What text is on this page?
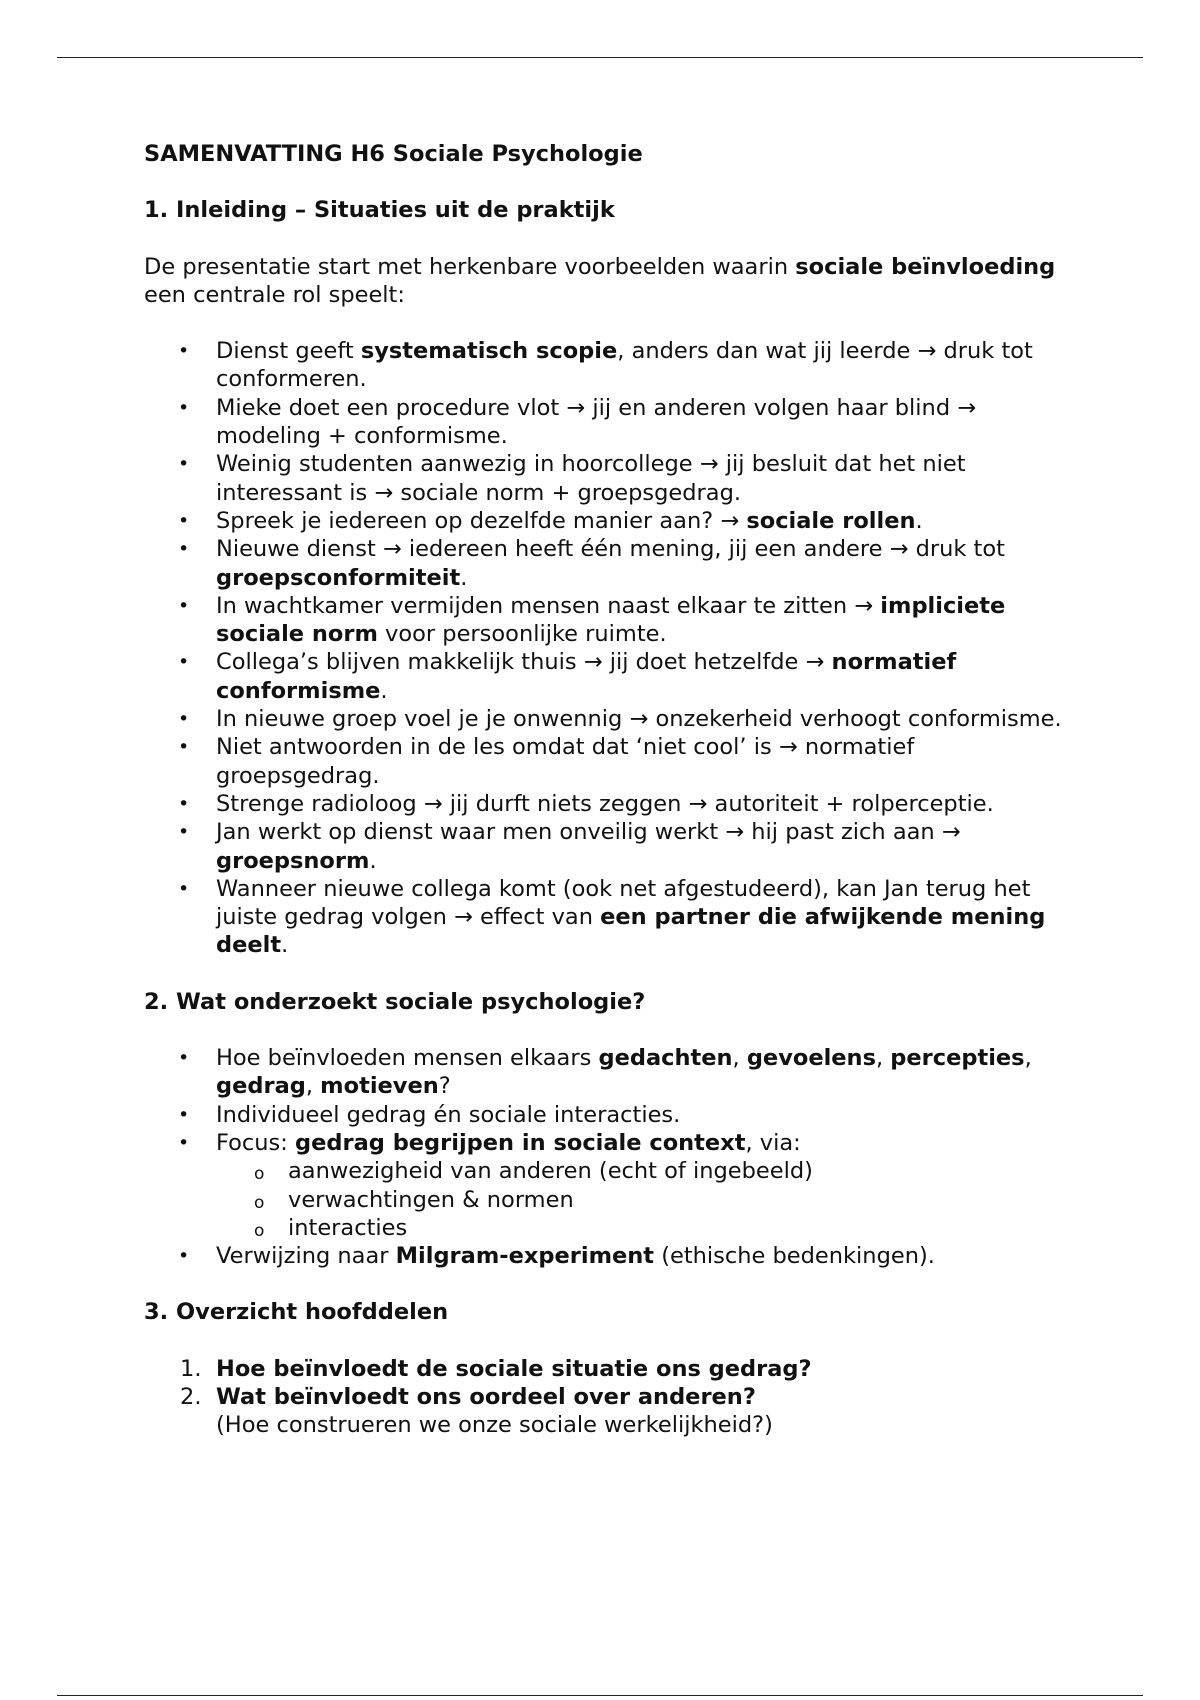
SAMENVATTING H6 Sociale Psychologie

1. Inleiding – Situaties uit de praktijk

De presentatie start met herkenbare voorbeelden waarin sociale beïnvloeding een centrale rol speelt:

• Dienst geeft systematisch scopie, anders dan wat jij leerde → druk tot conformeren.
• Mieke doet een procedure vlot → jij en anderen volgen haar blind → modeling + conformisme.
• Weinig studenten aanwezig in hoorcollege → jij besluit dat het niet interessant is → sociale norm + groepsgedrag.
• Spreek je iedereen op dezelfde manier aan? → sociale rollen.
• Nieuwe dienst → iedereen heeft één mening, jij een andere → druk tot groepsconformiteit.
• In wachtkamer vermijden mensen naast elkaar te zitten → impliciete sociale norm voor persoonlijke ruimte.
• Collega’s blijven makkelijk thuis → jij doet hetzelfde → normatief conformisme.
• In nieuwe groep voel je je onwennig → onzekerheid verhoogt conformisme.
• Niet antwoorden in de les omdat dat ‘niet cool’ is → normatief groepsgedrag.
• Strenge radioloog → jij durft niets zeggen → autoriteit + rolperceptie.
• Jan werkt op dienst waar men onveilig werkt → hij past zich aan → groepsnorm.
• Wanneer nieuwe collega komt (ook net afgestudeerd), kan Jan terug het juiste gedrag volgen → effect van een partner die afwijkende mening deelt.

2. Wat onderzoekt sociale psychologie?

• Hoe beïnvloeden mensen elkaars gedachten, gevoelens, percepties, gedrag, motieven?
• Individueel gedrag én sociale interacties.
• Focus: gedrag begrijpen in sociale context, via:
o aanwezigheid van anderen (echt of ingebeeld)
o verwachtingen & normen
o interacties
• Verwijzing naar Milgram-experiment (ethische bedenkingen).

3. Overzicht hoofddelen

1. Hoe beïnvloedt de sociale situatie ons gedrag?
2. Wat beïnvloedt ons oordeel over anderen?
(Hoe construeren we onze sociale werkelijkheid?)
